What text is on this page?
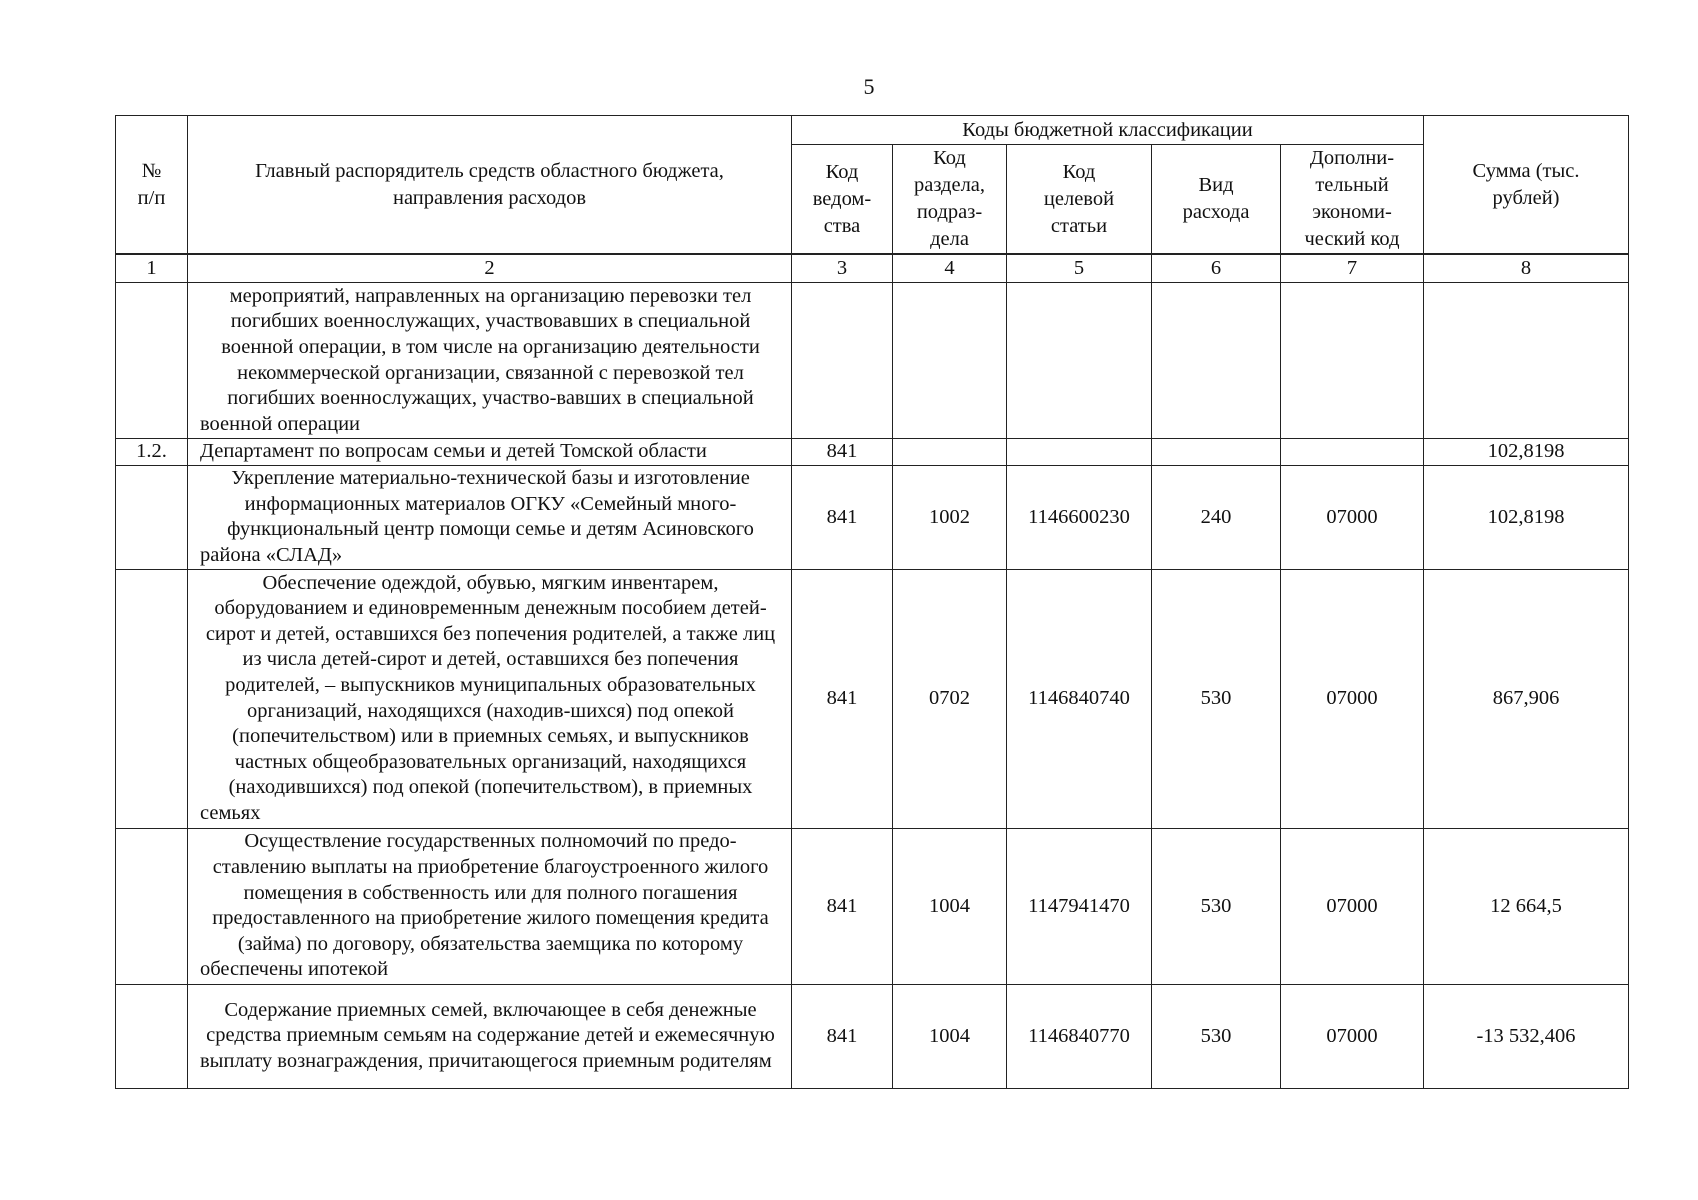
5
№ п/п	Главный распорядитель средств областного бюджета, направления расходов	Коды бюджетной классификации					Сумма (тыс. рублей)
		Код ведом-ства	Код раздела, подраз-дела	Код целевой статьи	Вид расхода	Дополни-тельный экономи-ческий код	
1	2	3	4	5	6	7	8
	мероприятий, направленных на организацию перевозки тел погибших военнослужащих, участвовавших в специальной военной операции, в том числе на организацию деятельности некоммерческой организации, связанной с перевозкой тел погибших военнослужащих, участво-вавших в специальной военной операции						
1.2.	Департамент по вопросам семьи и детей Томской области	841					102,8198
	Укрепление материально-технической базы и изготовление информационных материалов ОГКУ «Семейный много-функциональный центр помощи семье и детям Асиновского района «СЛАД»	841	1002	1146600230	240	07000	102,8198
	Обеспечение одеждой, обувью, мягким инвентарем, оборудованием и единовременным денежным пособием детей-сирот и детей, оставшихся без попечения родителей, а также лиц из числа детей-сирот и детей, оставшихся без попечения родителей, – выпускников муниципальных образовательных организаций, находящихся (находив-шихся) под опекой (попечительством) или в приемных семьях, и выпускников частных общеобразовательных организаций, находящихся (находившихся) под опекой (попечительством), в приемных семьях	841	0702	1146840740	530	07000	867,906
	Осуществление государственных полномочий по предо-ставлению выплаты на приобретение благоустроенного жилого помещения в собственность или для полного погашения предоставленного на приобретение жилого помещения кредита (займа) по договору, обязательства заемщика по которому обеспечены ипотекой	841	1004	1147941470	530	07000	12 664,5
	Содержание приемных семей, включающее в себя денежные средства приемным семьям на содержание детей и ежемесячную выплату вознаграждения, причитающегося приемным родителям	841	1004	1146840770	530	07000	-13 532,406
